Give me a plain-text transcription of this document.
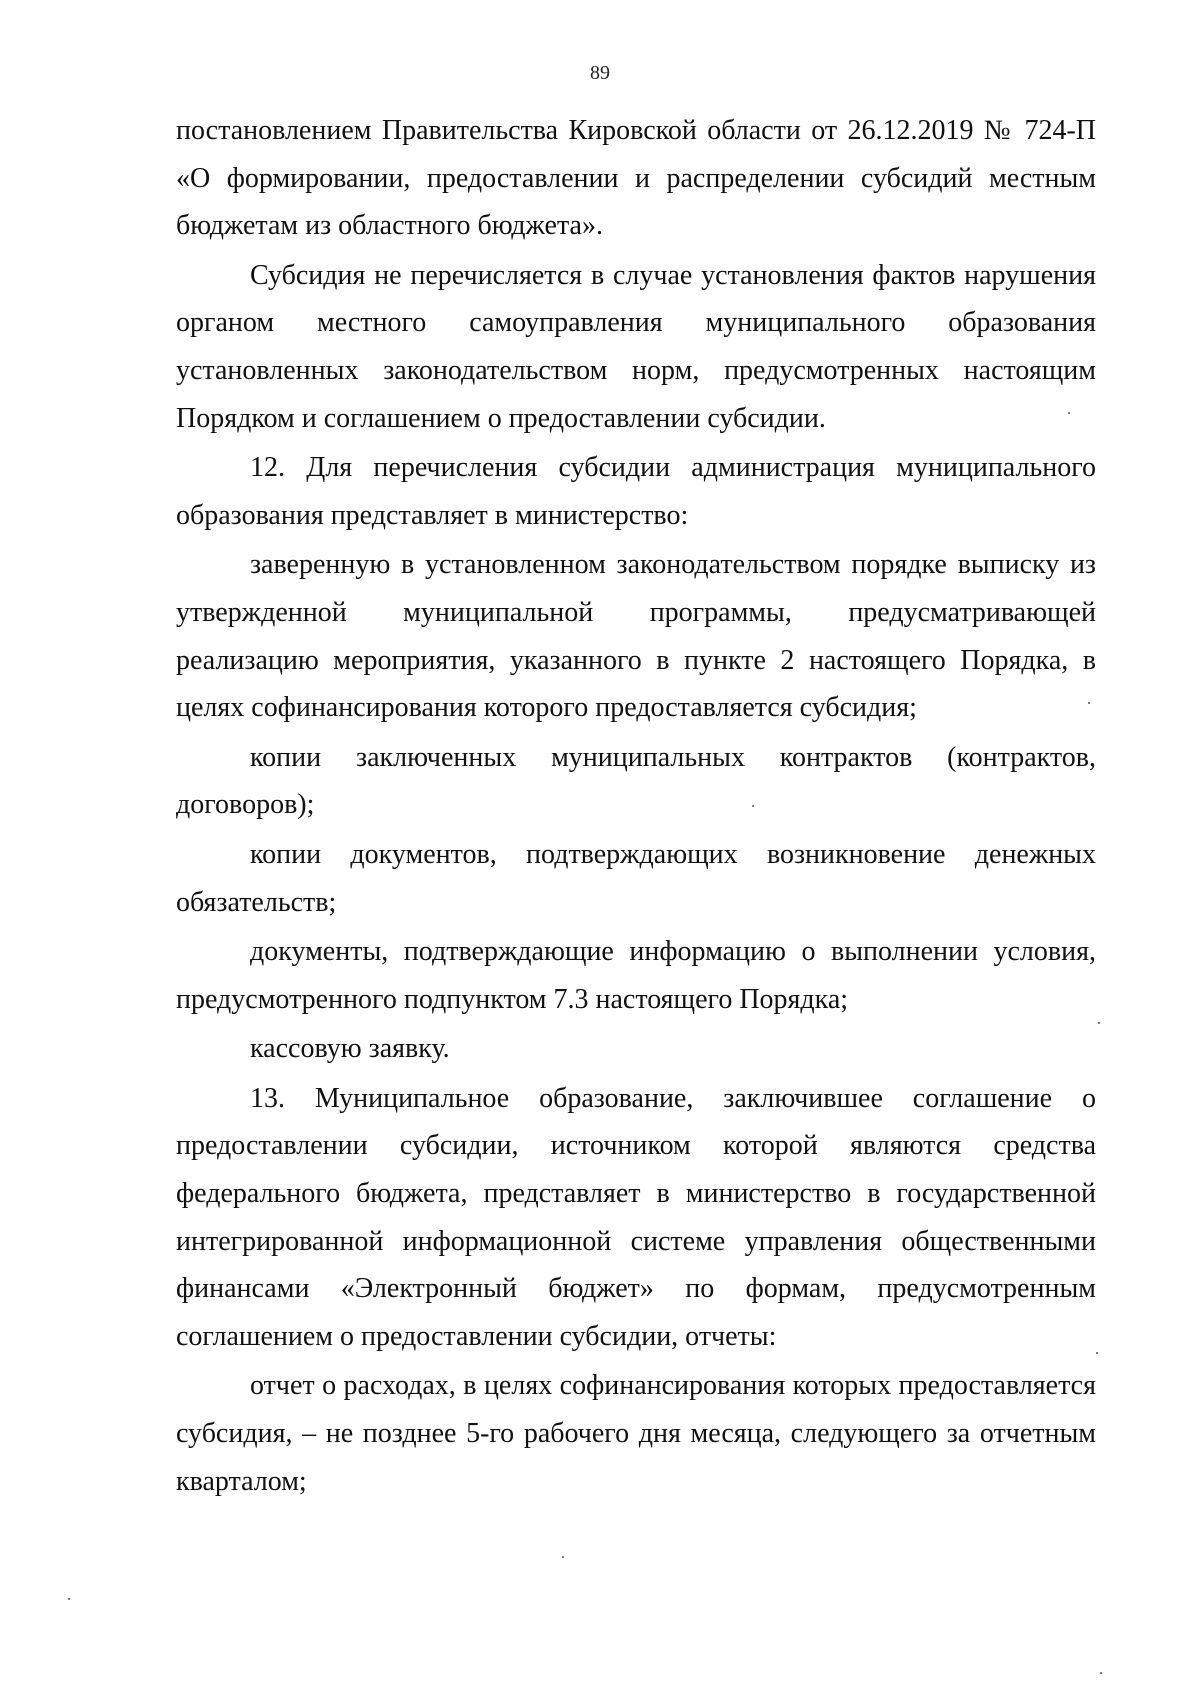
89

постановлением Правительства Кировской области от 26.12.2019 № 724-П «О формировании, предоставлении и распределении субсидий местным бюджетам из областного бюджета».

Субсидия не перечисляется в случае установления фактов нарушения органом местного самоуправления муниципального образования установленных законодательством норм, предусмотренных настоящим Порядком и соглашением о предоставлении субсидии.

12. Для перечисления субсидии администрация муниципального образования представляет в министерство:

заверенную в установленном законодательством порядке выписку из утвержденной муниципальной программы, предусматривающей реализацию мероприятия, указанного в пункте 2 настоящего Порядка, в целях софинансирования которого предоставляется субсидия;

копии заключенных муниципальных контрактов (контрактов, договоров);

копии документов, подтверждающих возникновение денежных обязательств;

документы, подтверждающие информацию о выполнении условия, предусмотренного подпунктом 7.3 настоящего Порядка;

кассовую заявку.

13. Муниципальное образование, заключившее соглашение о предоставлении субсидии, источником которой являются средства федерального бюджета, представляет в министерство в государственной интегрированной информационной системе управления общественными финансами «Электронный бюджет» по формам, предусмотренным соглашением о предоставлении субсидии, отчеты:

отчет о расходах, в целях софинансирования которых предоставляется субсидия, – не позднее 5-го рабочего дня месяца, следующего за отчетным кварталом;
